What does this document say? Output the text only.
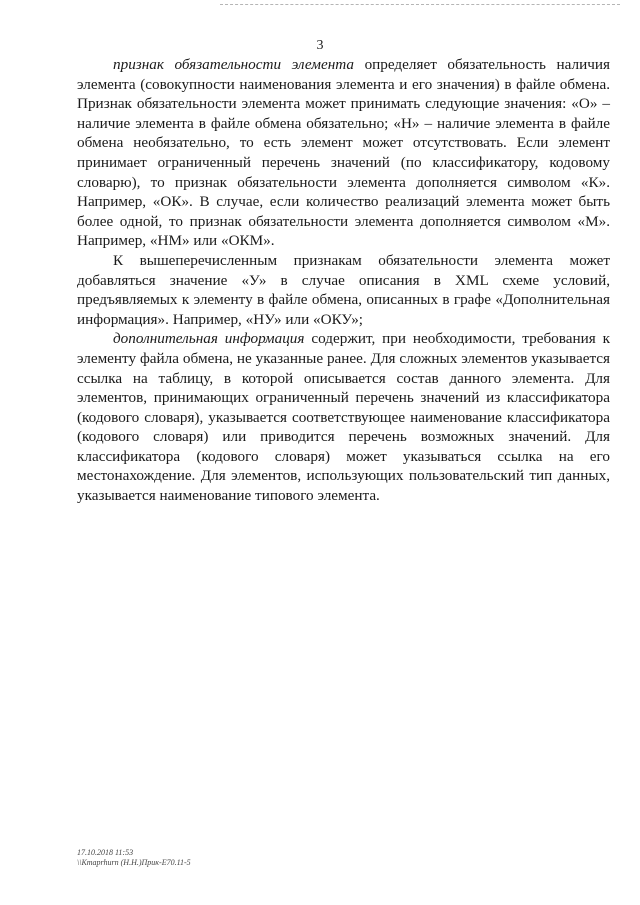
3
признак обязательности элемента определяет обязательность наличия
элемента (совокупности наименования элемента и его значения) в файле обмена.
Признак обязательности элемента может принимать следующие значения: «О» –
наличие элемента в файле обмена обязательно; «Н» – наличие элемента в файле
обмена необязательно, то есть элемент может отсутствовать. Если элемент
принимает ограниченный перечень значений (по классификатору, кодовому
словарю), то признак обязательности элемента дополняется символом «К».
Например, «ОК». В случае, если количество реализаций элемента может быть
более одной, то признак обязательности элемента дополняется символом «М».
Например, «НМ» или «ОКМ».
К вышеперечисленным признакам обязательности элемента может
добавляться значение «У» в случае описания в XML схеме условий,
предъявляемых к элементу в файле обмена, описанных в графе «Дополнительная
информация». Например, «НУ» или «ОКУ»;
дополнительная информация содержит, при необходимости, требования к
элементу файла обмена, не указанные ранее. Для сложных элементов указывается
ссылка на таблицу, в которой описывается состав данного элемента. Для
элементов, принимающих ограниченный перечень значений из классификатора
(кодового словаря), указывается соответствующее наименование классификатора
(кодового словаря) или приводится перечень возможных значений. Для
классификатора (кодового словаря) может указываться ссылка на его
местонахождение. Для элементов, использующих пользовательский тип данных,
указывается наименование типового элемента.
17.10.2018 11:53
\\Kmaprhurn (Н.Н.)Прик-Е70.11-5
